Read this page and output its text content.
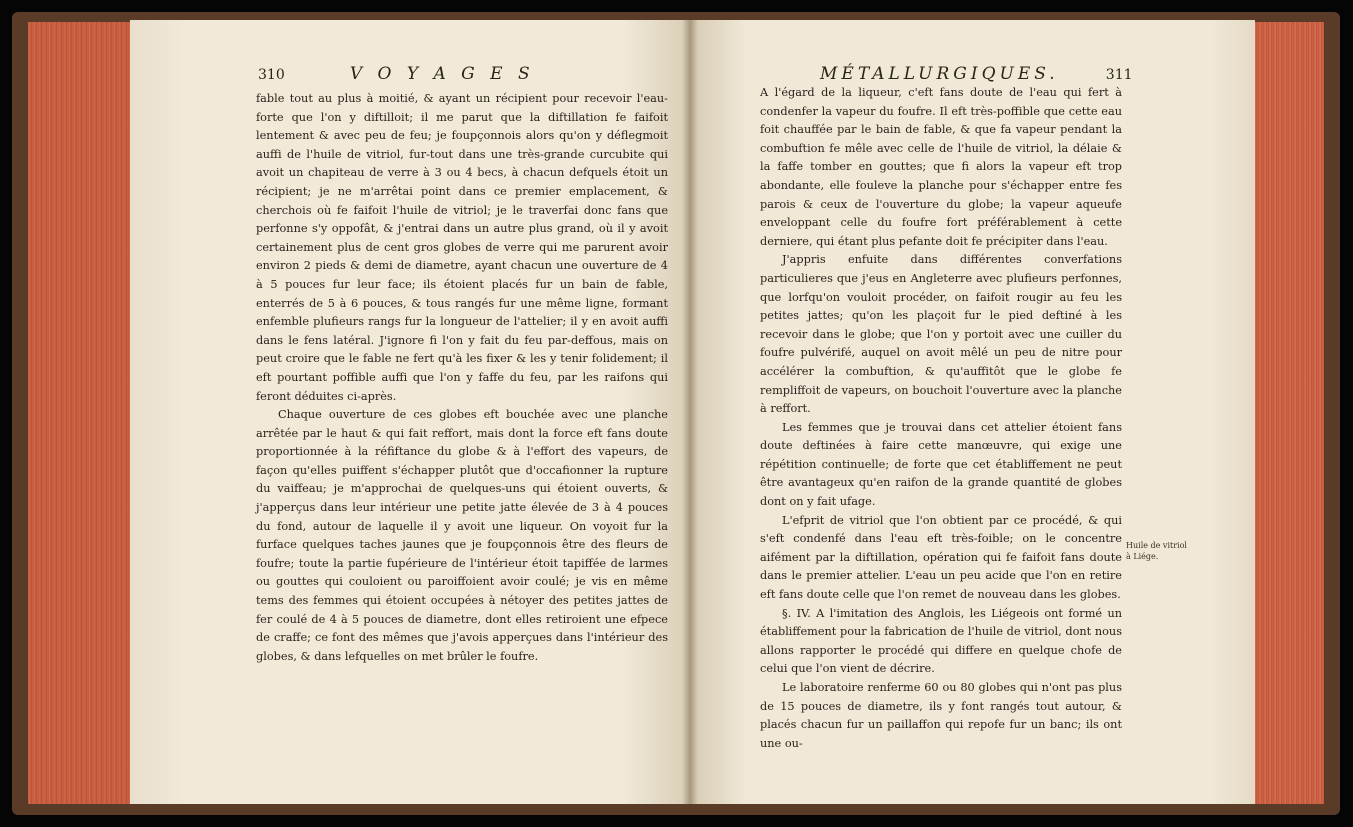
310	V O Y A G E S	MÉTALLURGIQUES.	311

fable tout au plus à moitié, & ayant un récipient pour recevoir l'eau-forte que l'on y diftilloit; il me parut que la diftillation fe faifoit lentement & avec peu de feu; je foupçonnois alors qu'on y déflegmoit auffi de l'huile de vitriol, fur-tout dans une très-grande curcubite qui avoit un chapiteau de verre à 3 ou 4 becs, à chacun defquels étoit un récipient; je ne m'arrêtai point dans ce premier emplacement, & cherchois où fe faifoit l'huile de vitriol; je le traverfai donc fans que perfonne s'y oppofât, & j'entrai dans un autre plus grand, où il y avoit certainement plus de cent gros globes de verre qui me parurent avoir environ 2 pieds & demi de diametre, ayant chacun une ouverture de 4 à 5 pouces fur leur face; ils étoient placés fur un bain de fable, enterrés de 5 à 6 pouces, & tous rangés fur une même ligne, formant enfemble plufieurs rangs fur la longueur de l'attelier; il y en avoit auffi dans le fens latéral. J'ignore fi l'on y fait du feu par-deffous, mais on peut croire que le fable ne fert qu'à les fixer & les y tenir folidement; il eft pourtant poffible auffi que l'on y faffe du feu, par les raifons qui feront déduites ci-après.

Chaque ouverture de ces globes eft bouchée avec une planche arrêtée par le haut & qui fait reffort, mais dont la force eft fans doute proportionnée à la réfiftance du globe & à l'effort des vapeurs, de façon qu'elles puiffent s'échapper plutôt que d'occafionner la rupture du vaiffeau; je m'approchai de quelques-uns qui étoient ouverts, & j'apperçus dans leur intérieur une petite jatte élevée de 3 à 4 pouces du fond, autour de laquelle il y avoit une liqueur. On voyoit fur la furface quelques taches jaunes que je foupçonnois être des fleurs de foufre; toute la partie fupérieure de l'intérieur étoit tapiffée de larmes ou gouttes qui couloient ou paroiffoient avoir coulé; je vis en même tems des femmes qui étoient occupées à nétoyer des petites jattes de fer coulé de 4 à 5 pouces de diametre, dont elles retiroient une efpece de craffe; ce font des mêmes que j'avois apperçues dans l'intérieur des globes, & dans lefquelles on met brûler le foufre.

A l'égard de la liqueur, c'eft fans doute de l'eau qui fert à condenfer la vapeur du foufre. Il eft très-poffible que cette eau foit chauffée par le bain de fable, & que fa vapeur pendant la combuftion fe mêle avec celle de l'huile de vitriol, la délaie & la faffe tomber en gouttes; que fi alors la vapeur eft trop abondante, elle fouleve la planche pour s'échapper entre fes parois & ceux de l'ouverture du globe; la vapeur aqueufe enveloppant celle du foufre fort préférablement à cette derniere, qui étant plus pefante doit fe précipiter dans l'eau.

J'appris enfuite dans différentes converfations particulieres que j'eus en Angleterre avec plufieurs perfonnes, que lorfqu'on vouloit procéder, on faifoit rougir au feu les petites jattes; qu'on les plaçoit fur le pied deftiné à les recevoir dans le globe; que l'on y portoit avec une cuiller du foufre pulvérifé, auquel on avoit mêlé un peu de nitre pour accélérer la combuftion, & qu'auffitôt que le globe fe rempliffoit de vapeurs, on bouchoit l'ouverture avec la planche à reffort.

Les femmes que je trouvai dans cet attelier étoient fans doute deftinées à faire cette manœuvre, qui exige une répétition continuelle; de forte que cet établiffement ne peut être avantageux qu'en raifon de la grande quantité de globes dont on y fait ufage.

L'efprit de vitriol que l'on obtient par ce procédé, & qui s'eft condenfé dans l'eau eft très-foible; on le concentre aifément par la diftillation, opération qui fe faifoit fans doute dans le premier attelier. L'eau un peu acide que l'on en retire eft fans doute celle que l'on remet de nouveau dans les globes.

§. IV. A l'imitation des Anglois, les Liégeois ont formé un établiffement pour la fabrication de l'huile de vitriol, dont nous allons rapporter le procédé qui differe en quelque chofe de celui que l'on vient de décrire.

Le laboratoire renferme 60 ou 80 globes qui n'ont pas plus de 15 pouces de diametre, ils y font rangés tout autour, & placés chacun fur un paillaffon qui repofe fur un banc; ils ont une ou-

Huile de vitriol à Liége.
